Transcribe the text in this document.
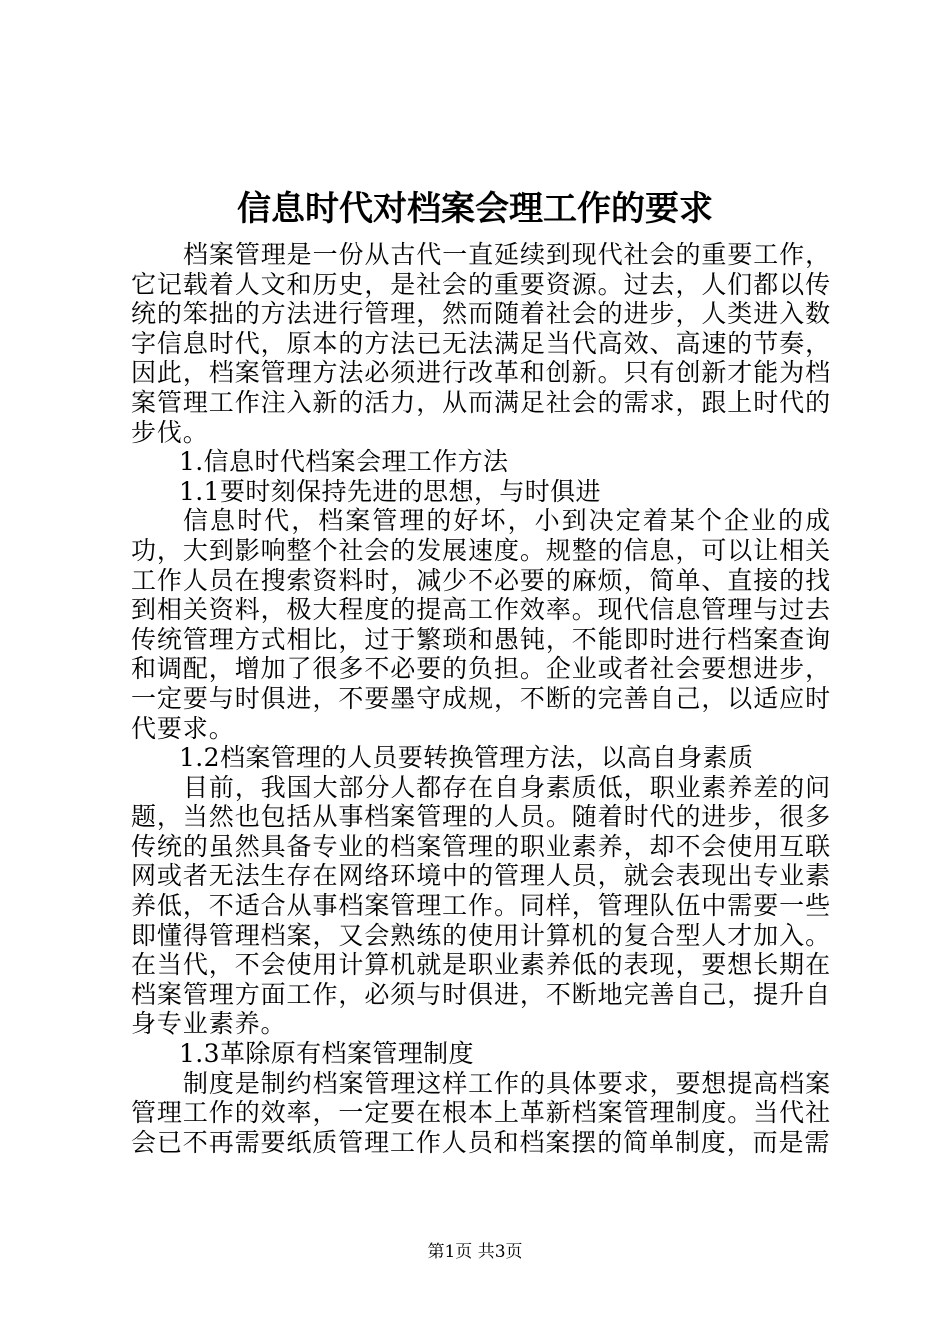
信息时代对档案会理工作的要求

档案管理是一份从古代一直延续到现代社会的重要工作，它记载着人文和历史，是社会的重要资源。过去，人们都以传统的笨拙的方法进行管理，然而随着社会的进步，人类进入数字信息时代，原本的方法已无法满足当代高效、高速的节奏，因此，档案管理方法必须进行改革和创新。只有创新才能为档案管理工作注入新的活力，从而满足社会的需求，跟上时代的步伐。

1.信息时代档案会理工作方法

1.1要时刻保持先进的思想，与时俱进

信息时代，档案管理的好坏，小到决定着某个企业的成功，大到影响整个社会的发展速度。规整的信息，可以让相关工作人员在搜索资料时，减少不必要的麻烦，简单、直接的找到相关资料，极大程度的提高工作效率。现代信息管理与过去传统管理方式相比，过于繁琐和愚钝，不能即时进行档案查询和调配，增加了很多不必要的负担。企业或者社会要想进步，一定要与时俱进，不要墨守成规，不断的完善自己，以适应时代要求。

1.2档案管理的人员要转换管理方法，以高自身素质

目前，我国大部分人都存在自身素质低，职业素养差的问题，当然也包括从事档案管理的人员。随着时代的进步，很多传统的虽然具备专业的档案管理的职业素养，却不会使用互联网或者无法生存在网络环境中的管理人员，就会表现出专业素养低，不适合从事档案管理工作。同样，管理队伍中需要一些即懂得管理档案，又会熟练的使用计算机的复合型人才加入。在当代，不会使用计算机就是职业素养低的表现，要想长期在档案管理方面工作，必须与时俱进，不断地完善自己，提升自身专业素养。

1.3革除原有档案管理制度

制度是制约档案管理这样工作的具体要求，要想提高档案管理工作的效率，一定要在根本上革新档案管理制度。当代社会已不再需要纸质管理工作人员和档案摆的简单制度，而是需

第1页 共3页
